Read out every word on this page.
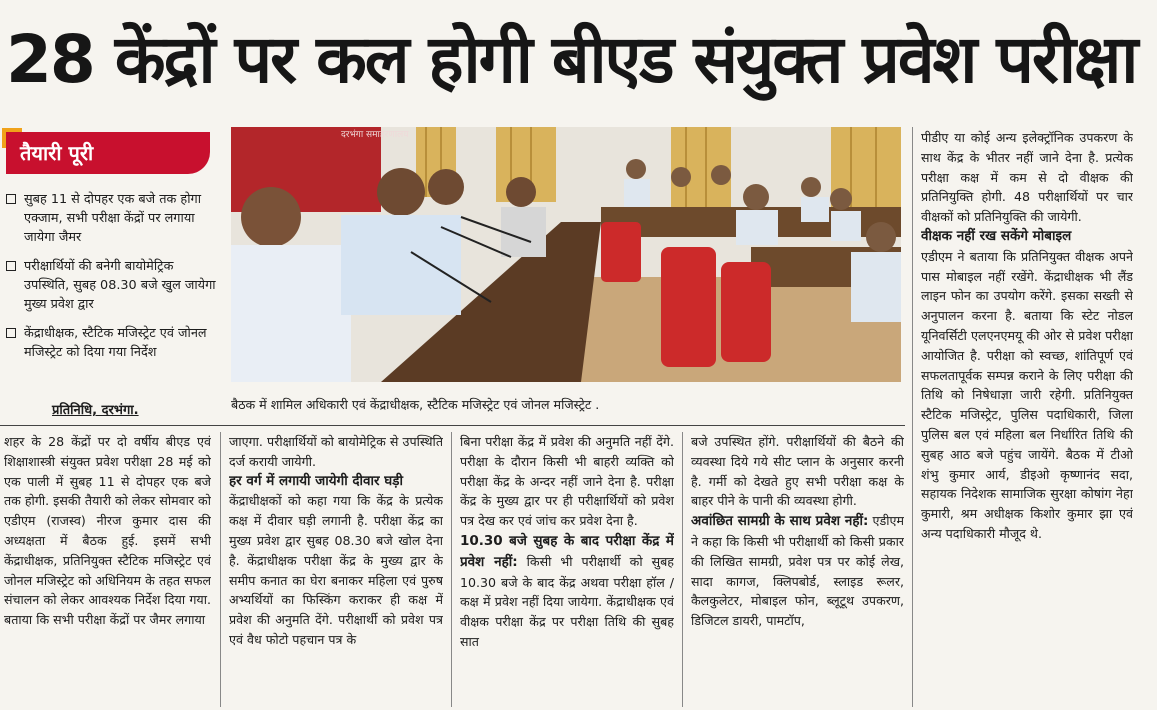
28 केंद्रों पर कल होगी बीएड संयुक्त प्रवेश परीक्षा
तैयारी पूरी
सुबह 11 से दोपहर एक बजे तक होगा एक्जाम, सभी परीक्षा केंद्रों पर लगाया जायेगा जैमर
परीक्षार्थियों की बनेगी बायोमेट्रिक उपस्थिति, सुबह 08.30 बजे खुल जायेगा मुख्य प्रवेश द्वार
केंद्राधीक्षक, स्टैटिक मजिस्ट्रेट एवं जोनल मजिस्ट्रेट को दिया गया निर्देश
प्रतिनिधि, दरभंगा.
दरभंगा समाहरणालय
बैठक में शामिल अधिकारी एवं केंद्राधीक्षक, स्टैटिक मजिस्ट्रेट एवं जोनल मजिस्ट्रेट .

शहर के 28 केंद्रों पर दो वर्षीय बीएड एवं शिक्षाशास्त्री संयुक्त प्रवेश परीक्षा 28 मई को एक पाली में सुबह 11 से दोपहर एक बजे तक होगी. इसकी तैयारी को लेकर सोमवार को एडीएम (राजस्व) नीरज कुमार दास की अध्यक्षता में बैठक हुई. इसमें सभी केंद्राधीक्षक, प्रतिनियुक्त स्टैटिक मजिस्ट्रेट एवं जोनल मजिस्ट्रेट को अधिनियम के तहत सफल संचालन को लेकर आवश्यक निर्देश दिया गया. बताया कि सभी परीक्षा केंद्रों पर जैमर लगाया

जाएगा. परीक्षार्थियों को बायोमेट्रिक से उपस्थिति दर्ज करायी जायेगी.

हर वर्ग में लगायी जायेगी दीवार घड़ी

केंद्राधीक्षकों को कहा गया कि केंद्र के प्रत्येक कक्ष में दीवार घड़ी लगानी है. परीक्षा केंद्र का मुख्य प्रवेश द्वार सुबह 08.30 बजे खोल देना है. केंद्राधीक्षक परीक्षा केंद्र के मुख्य द्वार के समीप कनात का घेरा बनाकर महिला एवं पुरुष अभ्यर्थियों का फिस्किंग कराकर ही कक्ष में प्रवेश की अनुमति देंगे. परीक्षार्थी को प्रवेश पत्र एवं वैध फोटो पहचान पत्र के

बिना परीक्षा केंद्र में प्रवेश की अनुमति नहीं देंगे. परीक्षा के दौरान किसी भी बाहरी व्यक्ति को परीक्षा केंद्र के अन्दर नहीं जाने देना है. परीक्षा केंद्र के मुख्य द्वार पर ही परीक्षार्थियों को प्रवेश पत्र देख कर एवं जांच कर प्रवेश देना है.

10.30 बजे सुबह के बाद परीक्षा केंद्र में प्रवेश नहीं: किसी भी परीक्षार्थी को सुबह 10.30 बजे के बाद केंद्र अथवा परीक्षा हॉल / कक्ष में प्रवेश नहीं दिया जायेगा. केंद्राधीक्षक एवं वीक्षक परीक्षा केंद्र पर परीक्षा तिथि की सुबह सात

बजे उपस्थित होंगे. परीक्षार्थियों की बैठने की व्यवस्था दिये गये सीट प्लान के अनुसार करनी है. गर्मी को देखते हुए सभी परीक्षा कक्ष के बाहर पीने के पानी की व्यवस्था होगी.

अवांछित सामग्री के साथ प्रवेश नहीं: एडीएम ने कहा कि किसी भी परीक्षार्थी को किसी प्रकार की लिखित सामग्री, प्रवेश पत्र पर कोई लेख, सादा कागज, क्लिपबोर्ड, स्लाइड रूलर, कैलकुलेटर, मोबाइल फोन, ब्लूटूथ उपकरण, डिजिटल डायरी, पामटॉप,

पीडीए या कोई अन्य इलेक्ट्रॉनिक उपकरण के साथ केंद्र के भीतर नहीं जाने देना है. प्रत्येक परीक्षा कक्ष में कम से दो वीक्षक की प्रतिनियुक्ति होगी. 48 परीक्षार्थियों पर चार वीक्षकों को प्रतिनियुक्ति की जायेगी.

वीक्षक नहीं रख सकेंगे मोबाइल

एडीएम ने बताया कि प्रतिनियुक्त वीक्षक अपने पास मोबाइल नहीं रखेंगे. केंद्राधीक्षक भी लैंड लाइन फोन का उपयोग करेंगे. इसका सख्ती से अनुपालन करना है. बताया कि स्टेट नोडल यूनिवर्सिटी एलएनएमयू की ओर से प्रवेश परीक्षा आयोजित है. परीक्षा को स्वच्छ, शांतिपूर्ण एवं सफलतापूर्वक सम्पन्न कराने के लिए परीक्षा की तिथि को निषेधाज्ञा जारी रहेगी. प्रतिनियुक्त स्टैटिक मजिस्ट्रेट, पुलिस पदाधिकारी, जिला पुलिस बल एवं महिला बल निर्धारित तिथि की सुबह आठ बजे पहुंच जायेंगे. बैठक में टीओ शंभु कुमार आर्य, डीइओ कृष्णानंद सदा, सहायक निदेशक सामाजिक सुरक्षा कोषांग नेहा कुमारी, श्रम अधीक्षक किशोर कुमार झा एवं अन्य पदाधिकारी मौजूद थे.
